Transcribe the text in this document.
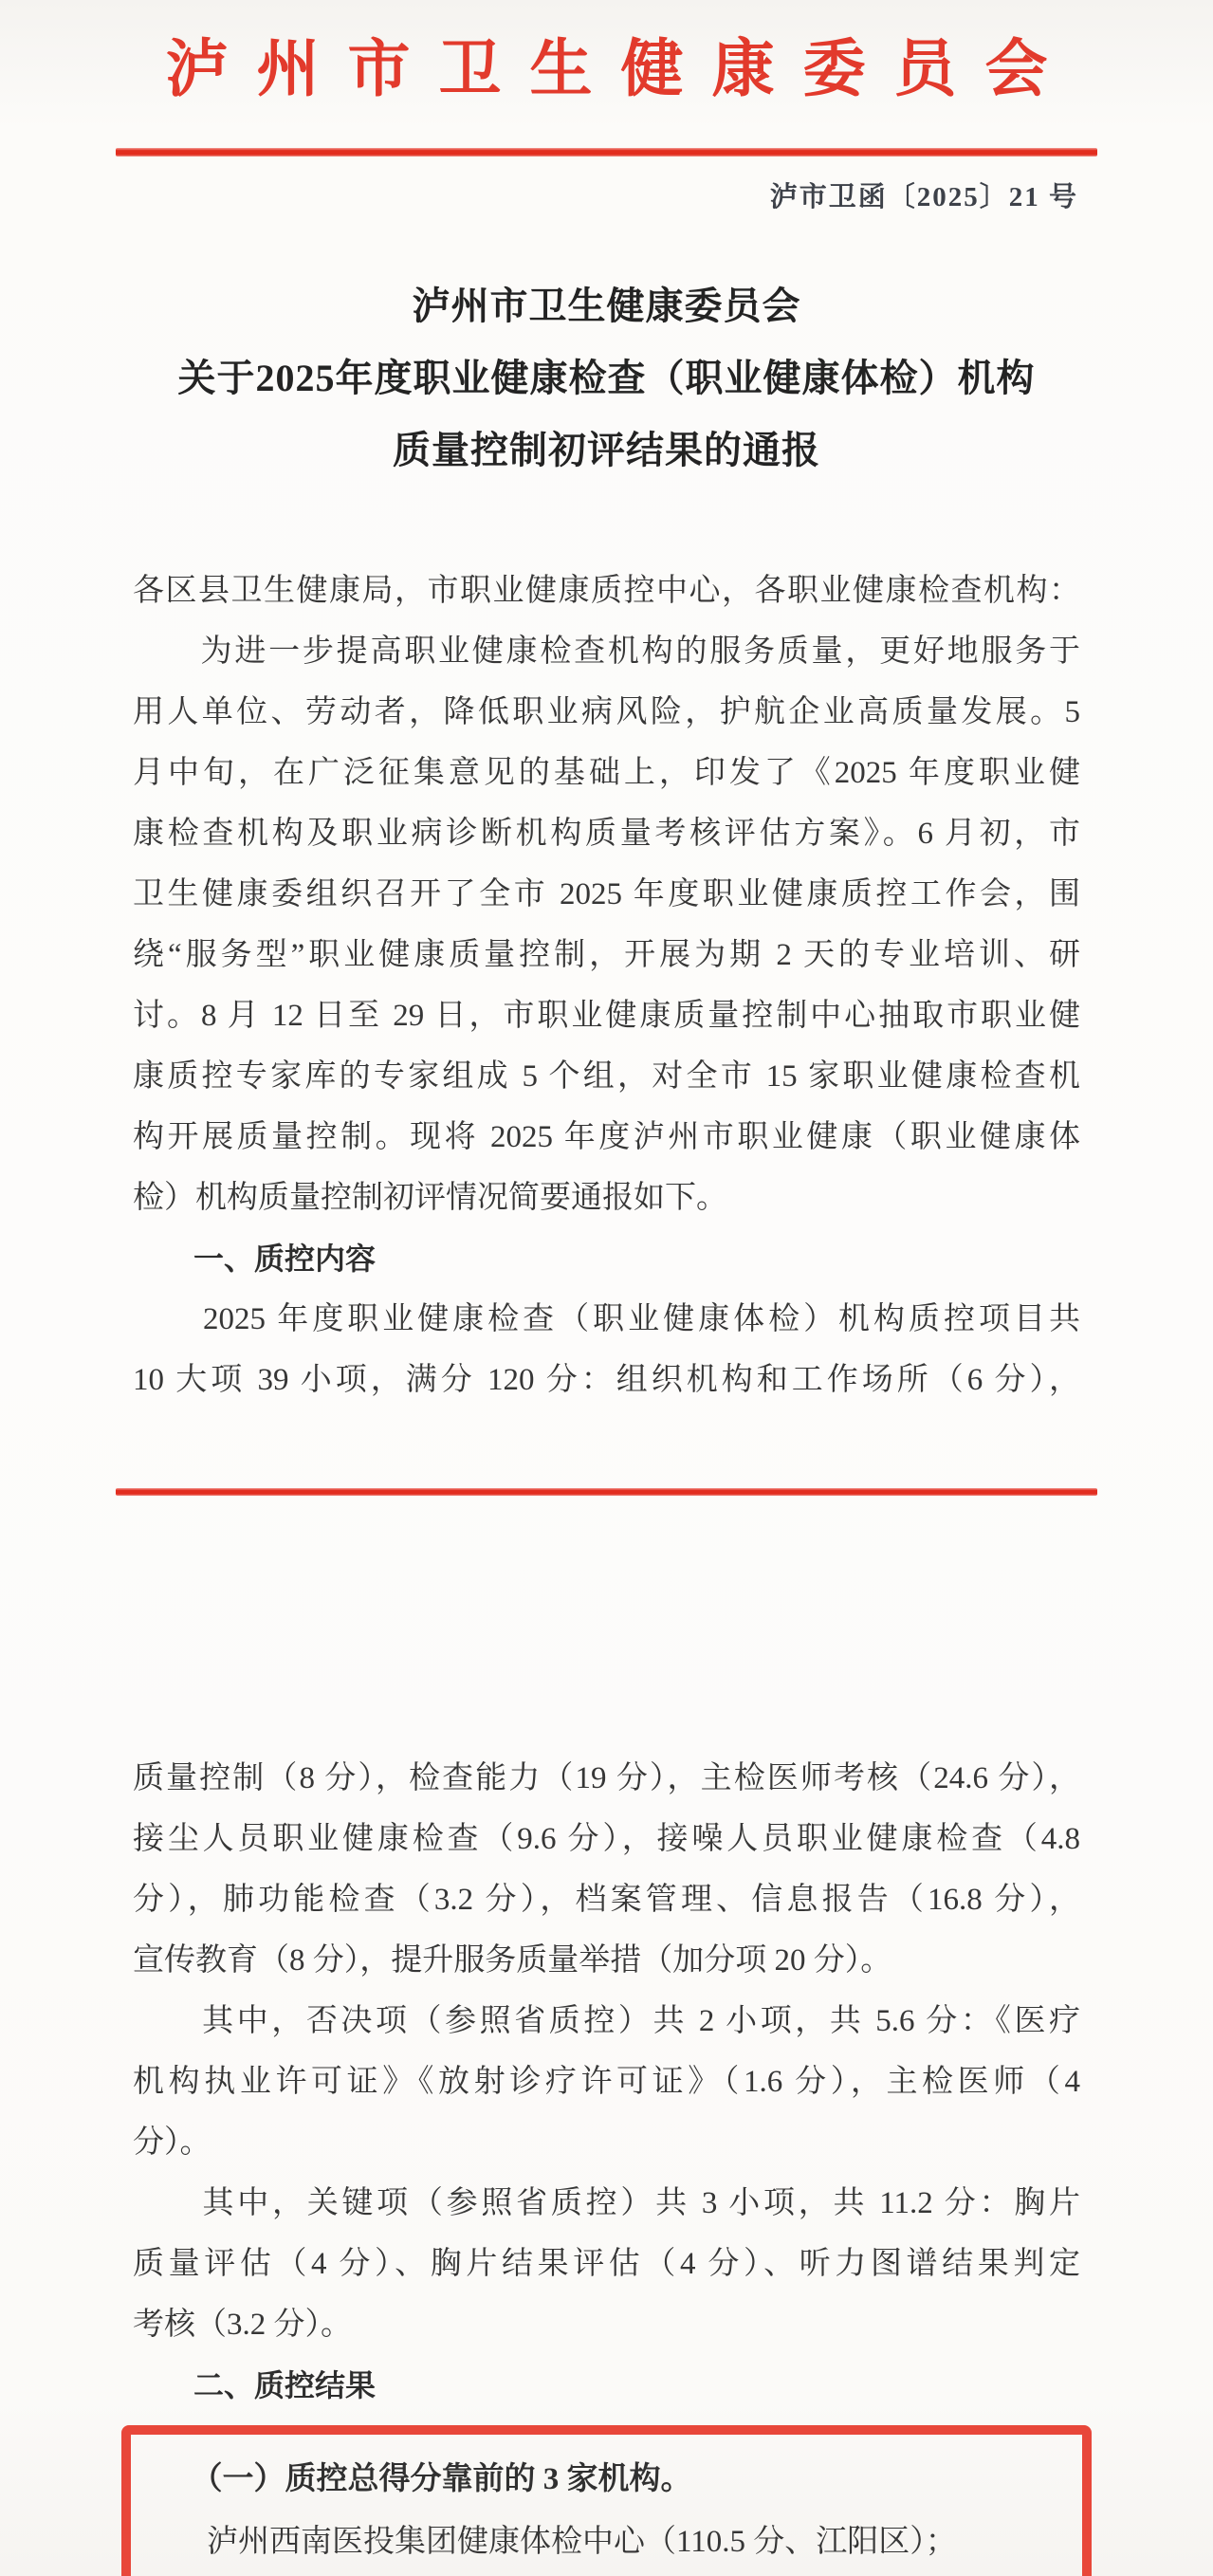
泸州市卫生健康委员会
泸市卫函〔2025〕21 号
泸州市卫生健康委员会
关于2025年度职业健康检查（职业健康体检）机构
质量控制初评结果的通报
各区县卫生健康局，市职业健康质控中心，各职业健康检查机构：
　　为进一步提高职业健康检查机构的服务质量，更好地服务于
用人单位、劳动者，降低职业病风险，护航企业高质量发展。5
月中旬，在广泛征集意见的基础上，印发了《2025 年度职业健
康检查机构及职业病诊断机构质量考核评估方案》。6 月初，市
卫生健康委组织召开了全市 2025 年度职业健康质控工作会，围
绕“服务型”职业健康质量控制，开展为期 2 天的专业培训、研
讨。8 月 12 日至 29 日，市职业健康质量控制中心抽取市职业健
康质控专家库的专家组成 5 个组，对全市 15 家职业健康检查机
构开展质量控制。现将 2025 年度泸州市职业健康（职业健康体
检）机构质量控制初评情况简要通报如下。
　　一、质控内容
　　2025 年度职业健康检查（职业健康体检）机构质控项目共
10 大项 39 小项，满分 120 分：组织机构和工作场所（6 分），
质量控制（8 分），检查能力（19 分），主检医师考核（24.6 分），
接尘人员职业健康检查（9.6 分），接噪人员职业健康检查（4.8
分），肺功能检查（3.2 分），档案管理、信息报告（16.8 分），
宣传教育（8 分），提升服务质量举措（加分项 20 分）。
　　其中，否决项（参照省质控）共 2 小项，共 5.6 分：《医疗
机构执业许可证》《放射诊疗许可证》（1.6 分），主检医师（4
分）。
　　其中，关键项（参照省质控）共 3 小项，共 11.2 分：胸片
质量评估（4 分）、胸片结果评估（4 分）、听力图谱结果判定
考核（3.2 分）。
　　二、质控结果
　　（一）质控总得分靠前的 3 家机构。
　　泸州西南医投集团健康体检中心（110.5 分、江阳区）；
